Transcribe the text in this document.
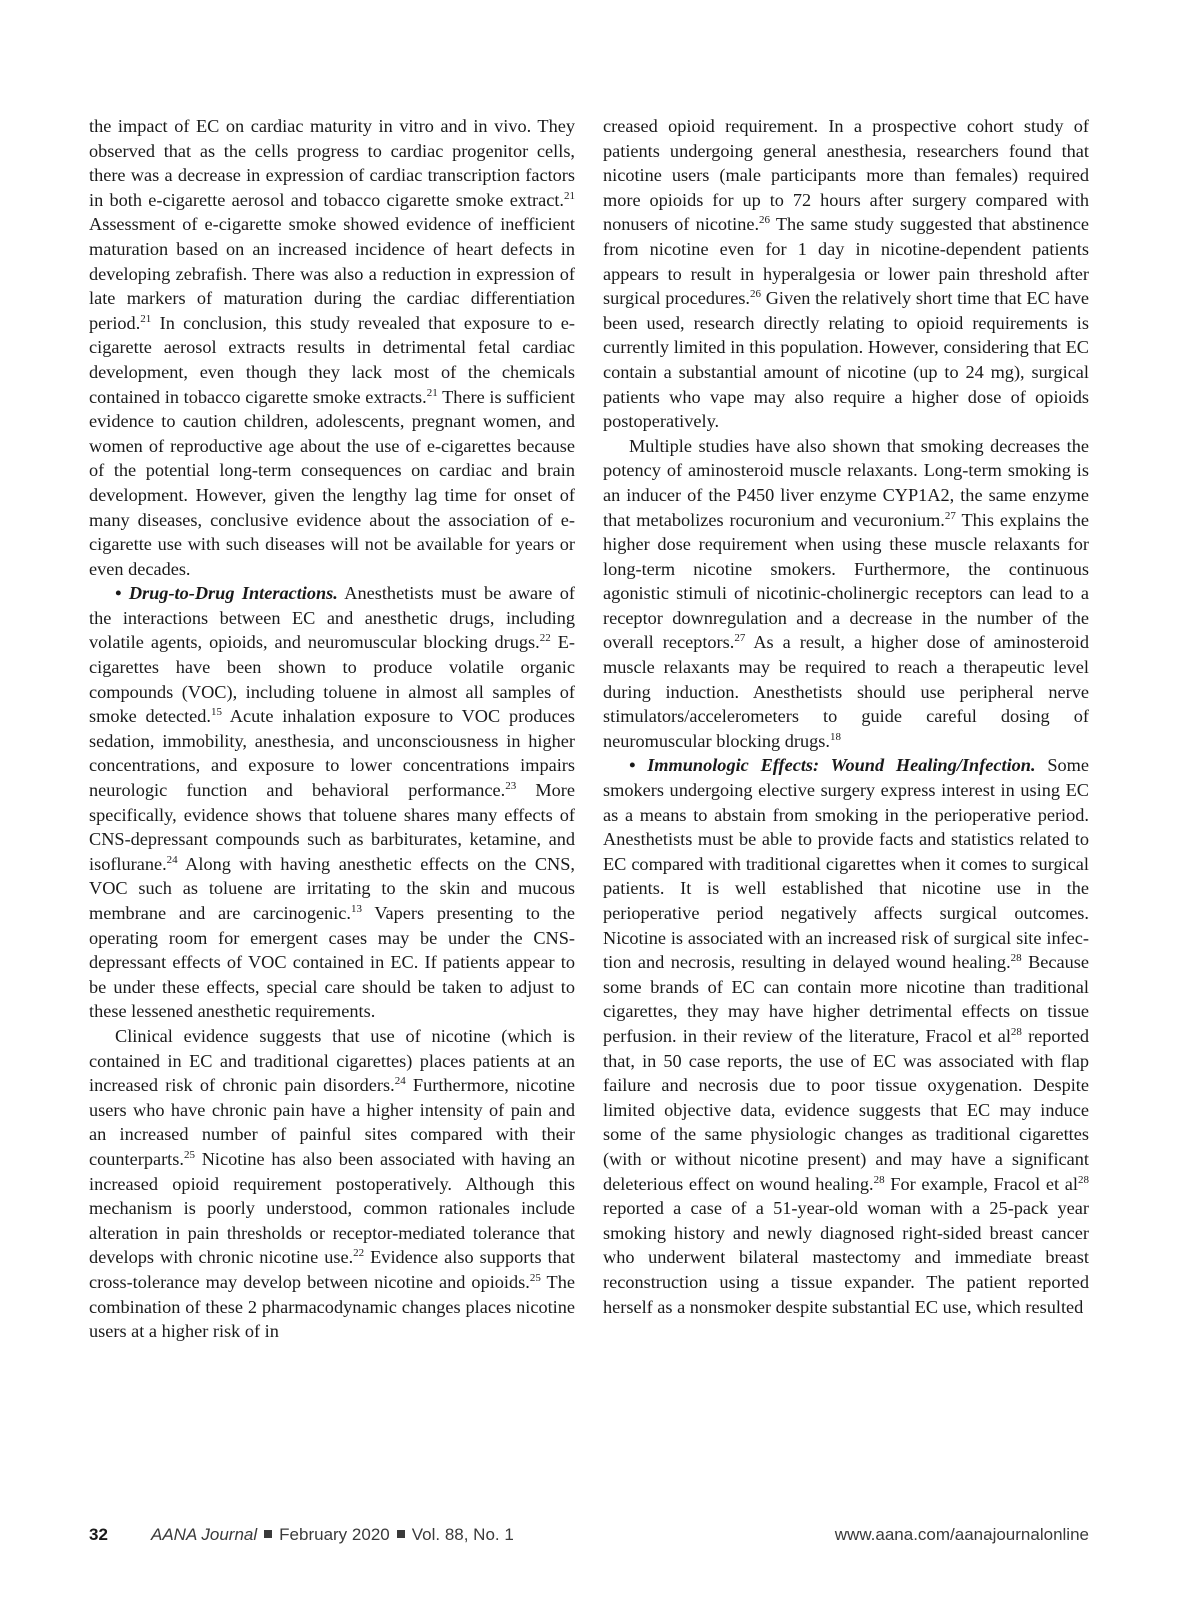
the impact of EC on cardiac maturity in vitro and in vivo. They observed that as the cells progress to cardiac progenitor cells, there was a decrease in expression of cardiac transcription factors in both e-cigarette aerosol and tobacco cigarette smoke extract.$^{21}$ Assessment of e-cigarette smoke showed evidence of inefficient maturation based on an increased incidence of heart defects in developing zebrafish. There was also a reduction in expression of late markers of maturation during the cardiac differentiation period.$^{21}$ In conclusion, this study revealed that exposure to e-cigarette aerosol extracts results in detrimental fetal cardiac development, even though they lack most of the chemicals contained in tobacco cigarette smoke extracts.$^{21}$ There is sufficient evidence to caution children, adolescents, pregnant women, and women of reproductive age about the use of e-cigarettes because of the potential long-term consequences on cardiac and brain development. However, given the lengthy lag time for onset of many diseases, conclusive evidence about the association of e-cigarette use with such diseases will not be available for years or even decades.

• Drug-to-Drug Interactions. Anesthetists must be aware of the interactions between EC and anesthetic drugs, including volatile agents, opioids, and neuromuscular blocking drugs.$^{22}$ E-cigarettes have been shown to produce volatile organic compounds (VOC), including toluene in almost all samples of smoke detected.$^{15}$ Acute inhalation exposure to VOC produces sedation, immobility, anesthesia, and unconsciousness in higher concentrations, and exposure to lower concentrations impairs neurologic function and behavioral performance.$^{23}$ More specifically, evidence shows that toluene shares many effects of CNS-depressant compounds such as barbiturates, ketamine, and isoflurane.$^{24}$ Along with having anesthetic effects on the CNS, VOC such as toluene are irritating to the skin and mucous membrane and are carcinogenic.$^{13}$ Vapers presenting to the operating room for emergent cases may be under the CNS-depressant effects of VOC contained in EC. If patients appear to be under these effects, special care should be taken to adjust to these lessened anesthetic requirements.

Clinical evidence suggests that use of nicotine (which is contained in EC and traditional cigarettes) places patients at an increased risk of chronic pain disorders.$^{24}$ Furthermore, nicotine users who have chronic pain have a higher intensity of pain and an increased number of painful sites compared with their counterparts.$^{25}$ Nicotine has also been associated with having an increased opioid requirement postoperatively. Although this mechanism is poorly understood, common rationales include alteration in pain thresholds or receptor-mediated tolerance that develops with chronic nicotine use.$^{22}$ Evidence also supports that cross-tolerance may develop between nicotine and opioids.$^{25}$ The combination of these 2 pharmacodynamic changes places nicotine users at a higher risk of in

creased opioid requirement. In a prospective cohort study of patients undergoing general anesthesia, researchers found that nicotine users (male participants more than females) required more opioids for up to 72 hours after surgery compared with nonusers of nicotine.$^{26}$ The same study suggested that abstinence from nicotine even for 1 day in nicotine-dependent patients appears to result in hyperalgesia or lower pain threshold after surgical procedures.$^{26}$ Given the relatively short time that EC have been used, research directly relating to opioid requirements is currently limited in this population. However, considering that EC contain a substantial amount of nicotine (up to 24 mg), surgical patients who vape may also require a higher dose of opioids postoperatively.

Multiple studies have also shown that smoking decreases the potency of aminosteroid muscle relaxants. Long-term smoking is an inducer of the P450 liver enzyme CYP1A2, the same enzyme that metabolizes rocuronium and vecuronium.$^{27}$ This explains the higher dose requirement when using these muscle relaxants for long-term nicotine smokers. Furthermore, the continuous agonistic stimuli of nicotinic-cholinergic receptors can lead to a receptor downregulation and a decrease in the number of the overall receptors.$^{27}$ As a result, a higher dose of aminosteroid muscle relaxants may be required to reach a therapeutic level during induction. Anesthetists should use peripheral nerve stimulators/accelerometers to guide careful dosing of neuromuscular blocking drugs.$^{18}$

• Immunologic Effects: Wound Healing/Infection. Some smokers undergoing elective surgery express interest in using EC as a means to abstain from smoking in the perioperative period. Anesthetists must be able to provide facts and statistics related to EC compared with traditional cigarettes when it comes to surgical patients. It is well established that nicotine use in the perioperative period negatively affects surgical outcomes. Nicotine is associated with an increased risk of surgical site infection and necrosis, resulting in delayed wound healing.$^{28}$ Because some brands of EC can contain more nicotine than traditional cigarettes, they may have higher detrimental effects on tissue perfusion. in their review of the literature, Fracol et $al^{28}$ reported that, in 50 case reports, the use of EC was associated with flap failure and necrosis due to poor tissue oxygenation. Despite limited objective data, evidence suggests that EC may induce some of the same physiologic changes as traditional cigarettes (with or without nicotine present) and may have a significant deleterious effect on wound healing.$^{28}$ For example, Fracol et $al^{28}$ reported a case of a 51-year-old woman with a 25-pack year smoking history and newly diagnosed right-sided breast cancer who underwent bilateral mastectomy and immediate breast reconstruction using a tissue expander. The patient reported herself as a nonsmoker despite substantial EC use, which resulted

32	AANA Journal February 2020 Vol. 88, No. 1	www.aana.com/aanajournalonline
